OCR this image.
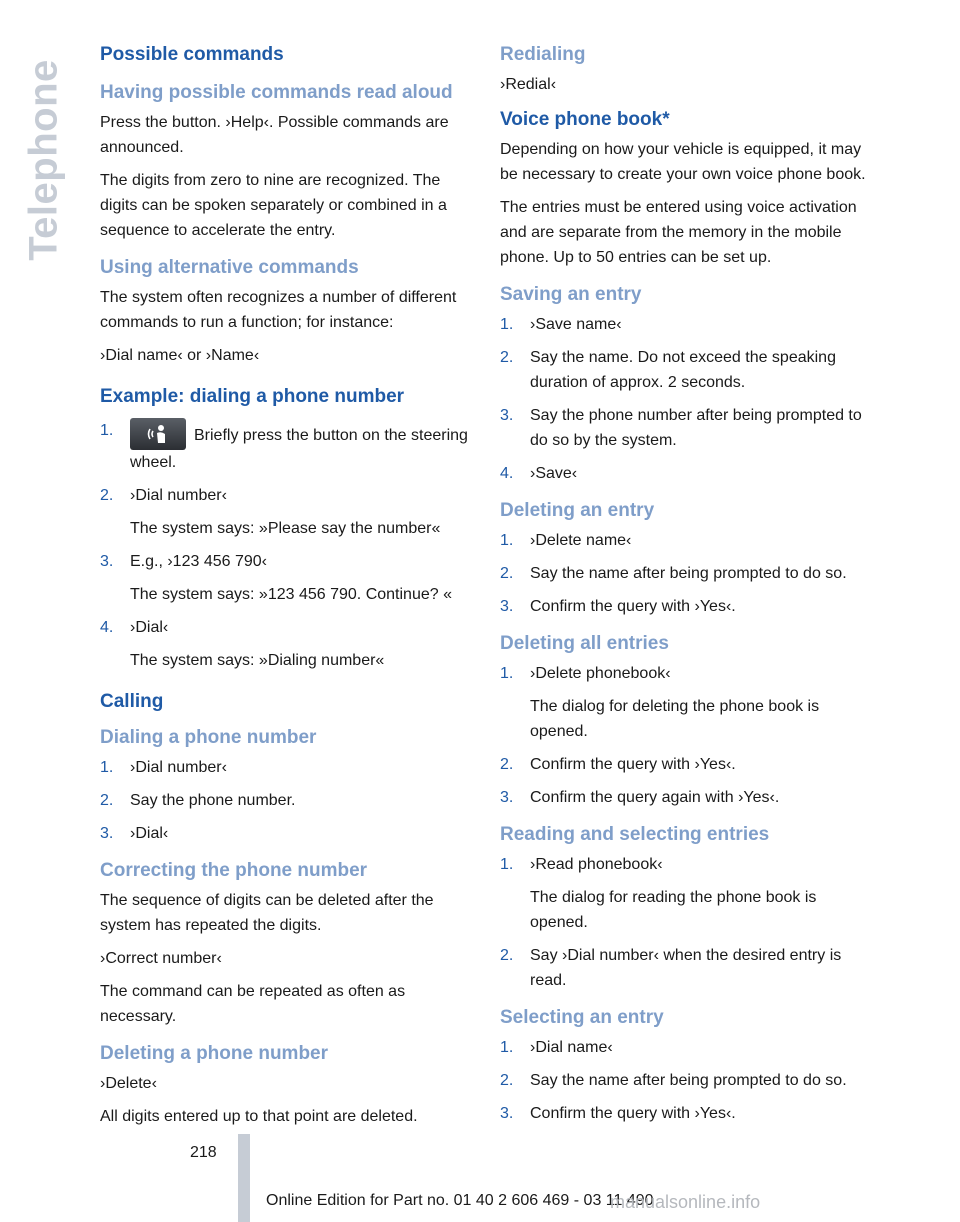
Telephone
Possible commands
Having possible commands read aloud

Press the button. ›Help‹. Possible commands are announced.

The digits from zero to nine are recognized. The digits can be spoken separately or combined in a sequence to accelerate the entry.

Using alternative commands

The system often recognizes a number of different commands to run a function; for instance:

›Dial name‹ or ›Name‹

Example: dialing a phone number
1.	Briefly press the button on the steering wheel.
2. ›Dial number‹
The system says: »Please say the number«
3. E.g., ›123 456 790‹
The system says: »123 456 790. Continue? «
4. ›Dial‹
The system says: »Dialing number«
Calling
Dialing a phone number
1. ›Dial number‹
2. Say the phone number.
3. ›Dial‹
Correcting the phone number

The sequence of digits can be deleted after the system has repeated the digits.

›Correct number‹

The command can be repeated as often as necessary.

Deleting a phone number

›Delete‹

All digits entered up to that point are deleted.

Redialing

›Redial‹

Voice phone book*

Depending on how your vehicle is equipped, it may be necessary to create your own voice phone book.

The entries must be entered using voice activation and are separate from the memory in the mobile phone. Up to 50 entries can be set up.

Saving an entry
1. ›Save name‹
2. Say the name. Do not exceed the speaking duration of approx. 2 seconds.
3. Say the phone number after being prompted to do so by the system.
4. ›Save‹
Deleting an entry
1. ›Delete name‹
2. Say the name after being prompted to do so.
3. Confirm the query with ›Yes‹.
Deleting all entries
1. ›Delete phonebook‹
The dialog for deleting the phone book is opened.
2. Confirm the query with ›Yes‹.
3. Confirm the query again with ›Yes‹.
Reading and selecting entries
1. ›Read phonebook‹
The dialog for reading the phone book is opened.
2. Say ›Dial number‹ when the desired entry is read.
Selecting an entry
1. ›Dial name‹
2. Say the name after being prompted to do so.
3. Confirm the query with ›Yes‹.
218
Online Edition for Part no. 01 40 2 606 469 - 03 11 490
manualsonline.info
